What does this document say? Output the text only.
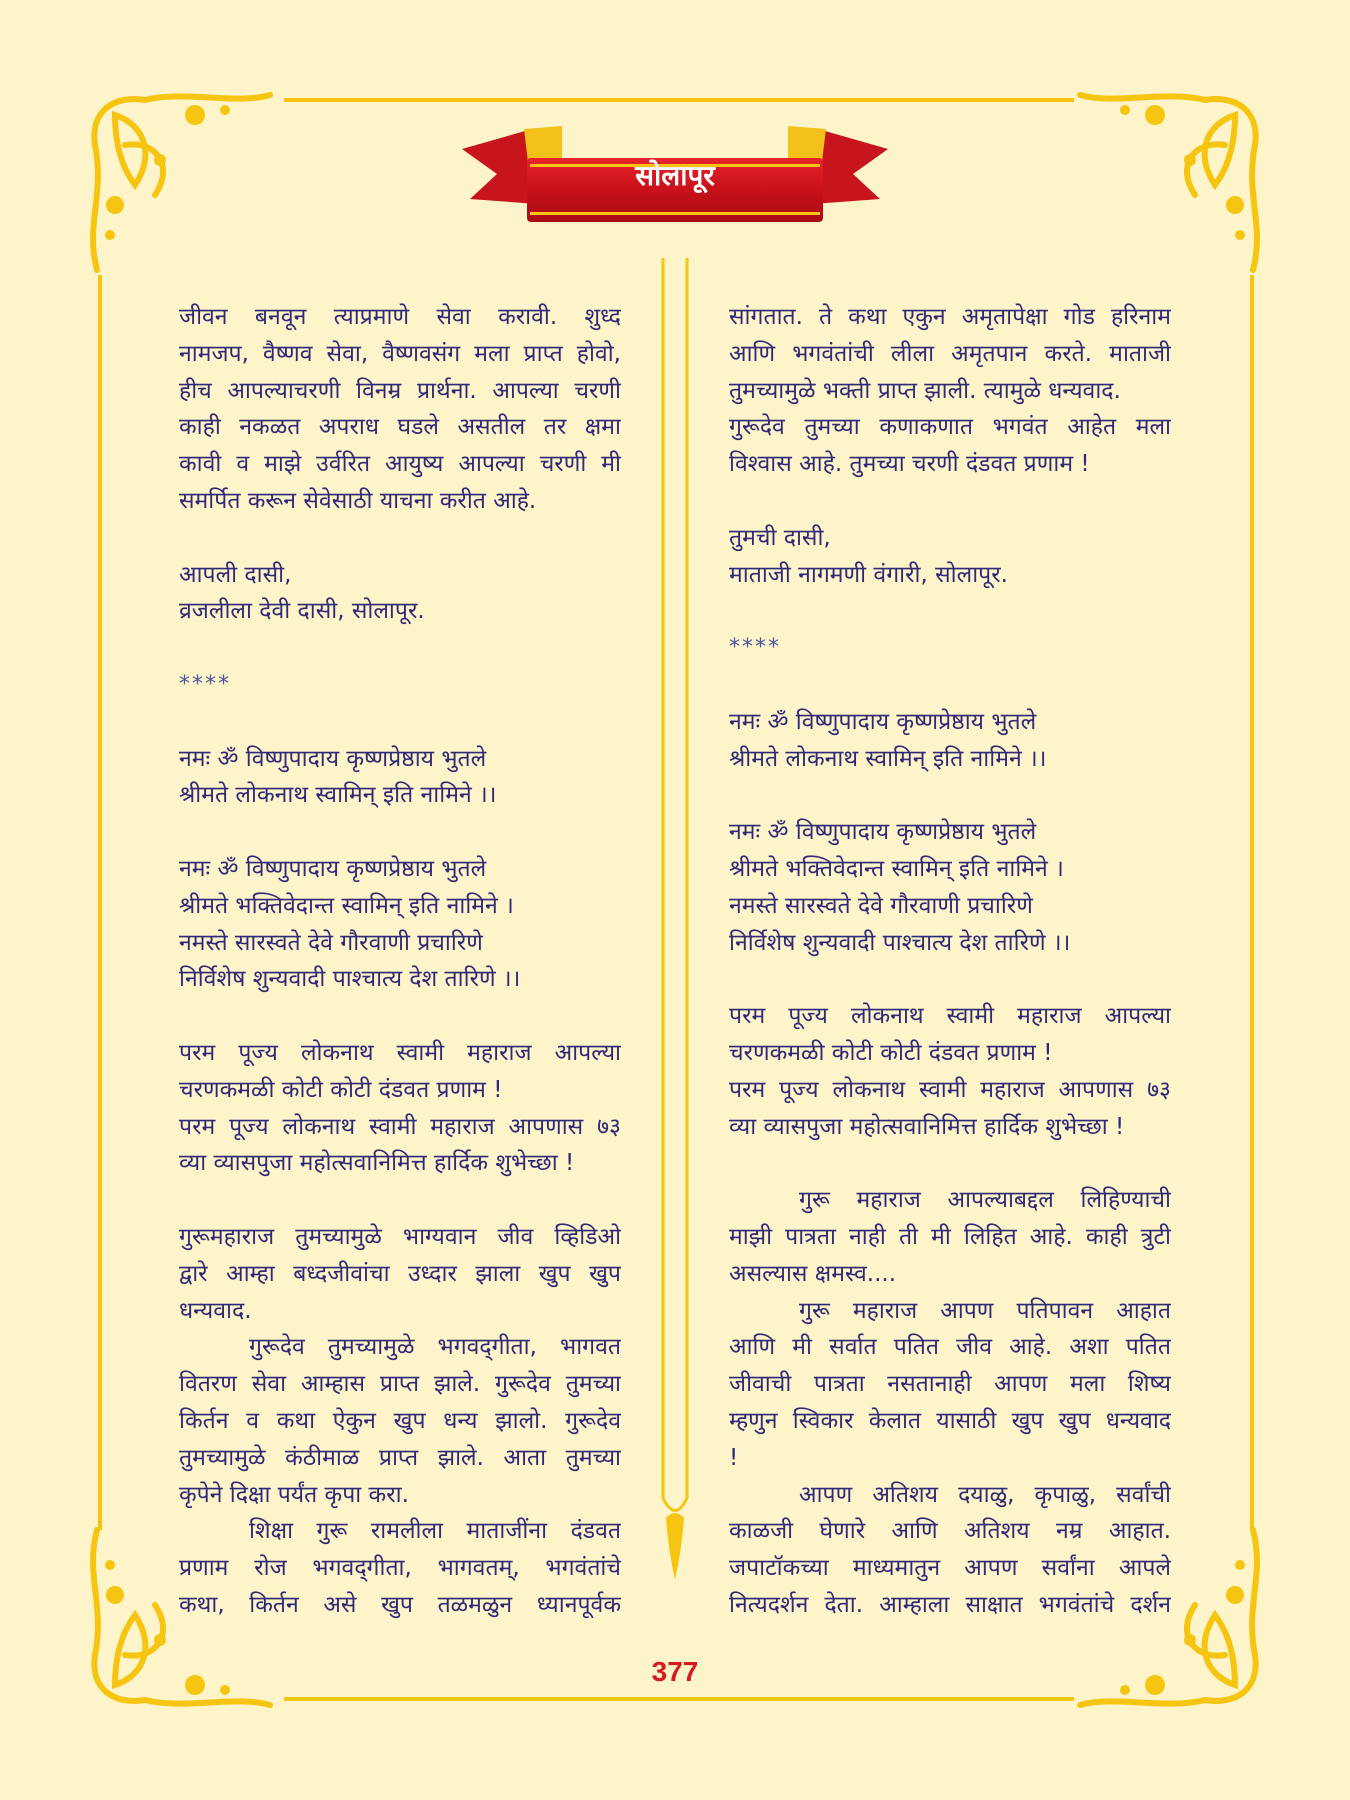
सोलापूर
जीवन बनवून त्याप्रमाणे सेवा करावी. शुध्द
नामजप, वैष्णव सेवा, वैष्णवसंग मला प्राप्त होवो,
हीच आपल्याचरणी विनम्र प्रार्थना. आपल्या चरणी
काही नकळत अपराध घडले असतील तर क्षमा
कावी व माझे उर्वरित आयुष्य आपल्या चरणी मी
समर्पित करून सेवेसाठी याचना करीत आहे.
आपली दासी,
व्रजलीला देवी दासी, सोलापूर.
****
नमः ॐ विष्णुपादाय कृष्णप्रेष्ठाय भुतले
श्रीमते लोकनाथ स्वामिन् इति नामिने ।।
नमः ॐ विष्णुपादाय कृष्णप्रेष्ठाय भुतले
श्रीमते भक्तिवेदान्त स्वामिन् इति नामिने ।
नमस्ते सारस्वते देवे गौरवाणी प्रचारिणे
निर्विशेष शुन्यवादी पाश्चात्य देश तारिणे ।।
परम पूज्य लोकनाथ स्वामी महाराज आपल्या
चरणकमळी कोटी कोटी दंडवत प्रणाम !
परम पूज्य लोकनाथ स्वामी महाराज आपणास ७३
व्या व्यासपुजा महोत्सवानिमित्त हार्दिक शुभेच्छा !
गुरूमहाराज तुमच्यामुळे भाग्यवान जीव व्हिडिओ
द्वारे आम्हा बध्दजीवांचा उध्दार झाला खुप खुप
धन्यवाद.
गुरूदेव तुमच्यामुळे भगवद्‌गीता, भागवत
वितरण सेवा आम्हास प्राप्त झाले. गुरूदेव तुमच्या
किर्तन व कथा ऐकुन खुप धन्य झालो. गुरूदेव
तुमच्यामुळे कंठीमाळ प्राप्त झाले. आता तुमच्या
कृपेने दिक्षा पर्यंत कृपा करा.
शिक्षा गुरू रामलीला माताजींना दंडवत
प्रणाम रोज भगवद्‌गीता, भागवतम्, भगवंतांचे
कथा, किर्तन असे खुप तळमळुन ध्यानपूर्वक
सांगतात. ते कथा एकुन अमृतापेक्षा गोड हरिनाम
आणि भगवंतांची लीला अमृतपान करते. माताजी
तुमच्यामुळे भक्ती प्राप्त झाली. त्यामुळे धन्यवाद.
गुरूदेव तुमच्या कणाकणात भगवंत आहेत मला
विश्वास आहे. तुमच्या चरणी दंडवत प्रणाम !
तुमची दासी,
माताजी नागमणी वंगारी, सोलापूर.
****
नमः ॐ विष्णुपादाय कृष्णप्रेष्ठाय भुतले
श्रीमते लोकनाथ स्वामिन् इति नामिने ।।
नमः ॐ विष्णुपादाय कृष्णप्रेष्ठाय भुतले
श्रीमते भक्तिवेदान्त स्वामिन् इति नामिने ।
नमस्ते सारस्वते देवे गौरवाणी प्रचारिणे
निर्विशेष शुन्यवादी पाश्चात्य देश तारिणे ।।
परम पूज्य लोकनाथ स्वामी महाराज आपल्या
चरणकमळी कोटी कोटी दंडवत प्रणाम !
परम पूज्य लोकनाथ स्वामी महाराज आपणास ७३
व्या व्यासपुजा महोत्सवानिमित्त हार्दिक शुभेच्छा !
गुरू महाराज आपल्याबद्दल लिहिण्याची
माझी पात्रता नाही ती मी लिहित आहे. काही त्रुटी
असल्यास क्षमस्व....
गुरू महाराज आपण पतिपावन आहात
आणि मी सर्वात पतित जीव आहे. अशा पतित
जीवाची पात्रता नसतानाही आपण मला शिष्य
म्हणुन स्विकार केलात यासाठी खुप खुप धन्यवाद
!
आपण अतिशय दयाळु, कृपाळु, सर्वांची
काळजी घेणारे आणि अतिशय नम्र आहात.
जपाटॉकच्या माध्यमातुन आपण सर्वांना आपले
नित्यदर्शन देता. आम्हाला साक्षात भगवंतांचे दर्शन
377
